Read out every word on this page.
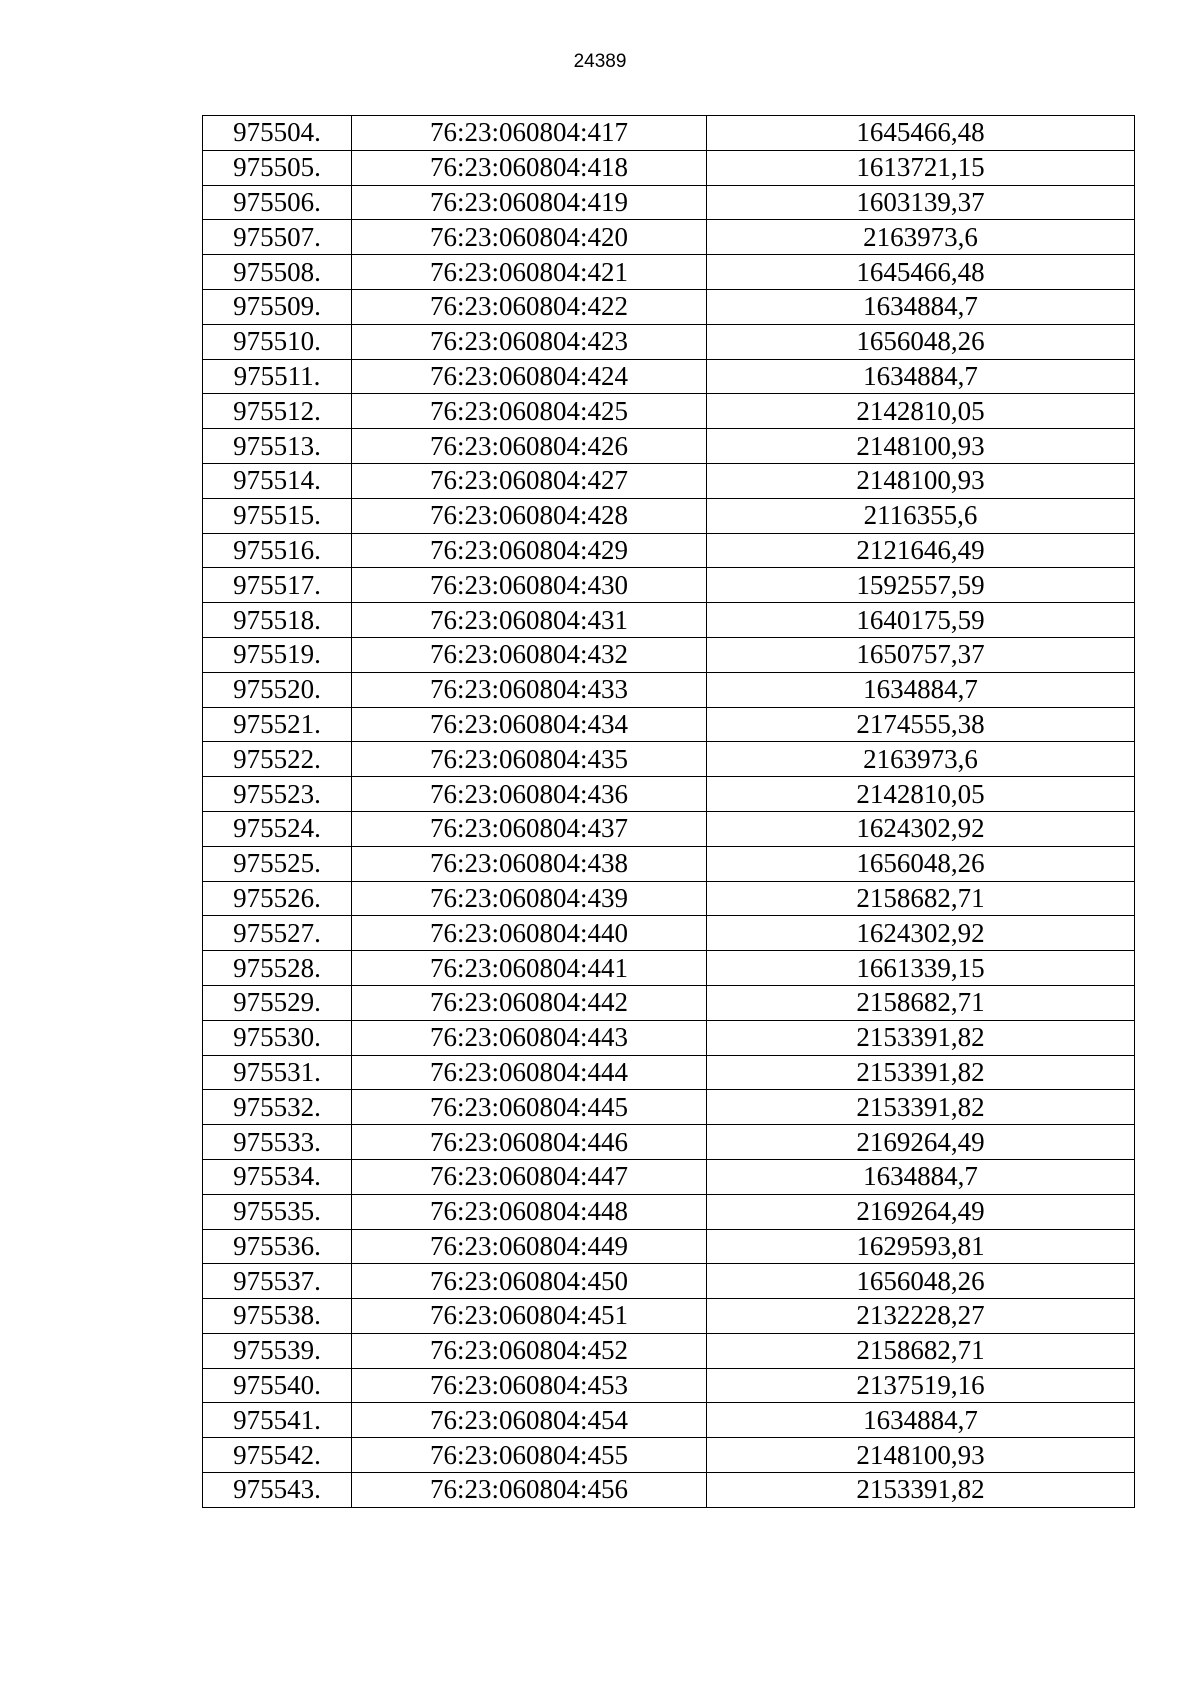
24389
975504.	76:23:060804:417	1645466,48
975505.	76:23:060804:418	1613721,15
975506.	76:23:060804:419	1603139,37
975507.	76:23:060804:420	2163973,6
975508.	76:23:060804:421	1645466,48
975509.	76:23:060804:422	1634884,7
975510.	76:23:060804:423	1656048,26
975511.	76:23:060804:424	1634884,7
975512.	76:23:060804:425	2142810,05
975513.	76:23:060804:426	2148100,93
975514.	76:23:060804:427	2148100,93
975515.	76:23:060804:428	2116355,6
975516.	76:23:060804:429	2121646,49
975517.	76:23:060804:430	1592557,59
975518.	76:23:060804:431	1640175,59
975519.	76:23:060804:432	1650757,37
975520.	76:23:060804:433	1634884,7
975521.	76:23:060804:434	2174555,38
975522.	76:23:060804:435	2163973,6
975523.	76:23:060804:436	2142810,05
975524.	76:23:060804:437	1624302,92
975525.	76:23:060804:438	1656048,26
975526.	76:23:060804:439	2158682,71
975527.	76:23:060804:440	1624302,92
975528.	76:23:060804:441	1661339,15
975529.	76:23:060804:442	2158682,71
975530.	76:23:060804:443	2153391,82
975531.	76:23:060804:444	2153391,82
975532.	76:23:060804:445	2153391,82
975533.	76:23:060804:446	2169264,49
975534.	76:23:060804:447	1634884,7
975535.	76:23:060804:448	2169264,49
975536.	76:23:060804:449	1629593,81
975537.	76:23:060804:450	1656048,26
975538.	76:23:060804:451	2132228,27
975539.	76:23:060804:452	2158682,71
975540.	76:23:060804:453	2137519,16
975541.	76:23:060804:454	1634884,7
975542.	76:23:060804:455	2148100,93
975543.	76:23:060804:456	2153391,82
